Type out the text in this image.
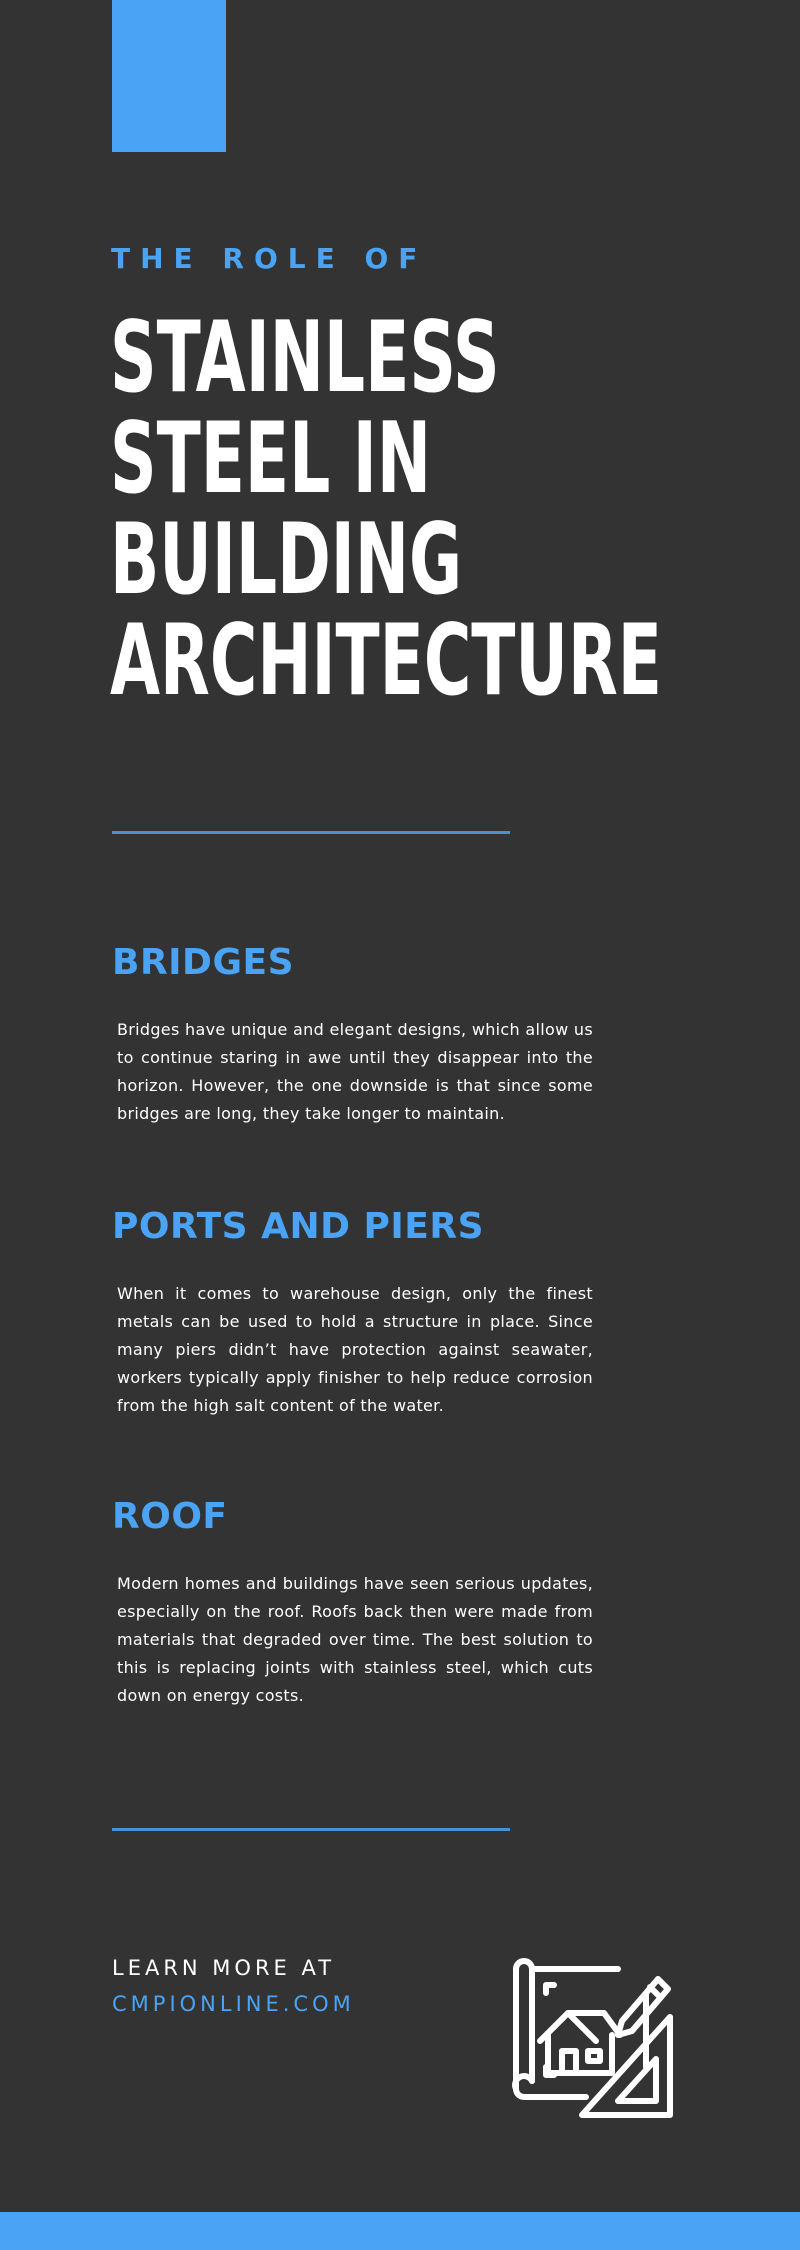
THE ROLE OF
STAINLESS
STEEL IN
BUILDING
ARCHITECTURE
BRIDGES

Bridges have unique and elegant designs, which allow us to continue staring in awe until they disappear into the horizon. However, the one downside is that since some bridges are long, they take longer to maintain.

PORTS AND PIERS

When it comes to warehouse design, only the finest metals can be used to hold a structure in place. Since many piers didn’t have protection against seawater, workers typically apply finisher to help reduce corrosion from the high salt content of the water.

ROOF

Modern homes and buildings have seen serious updates, especially on the roof. Roofs back then were made from materials that degraded over time. The best solution to this is replacing joints with stainless steel, which cuts down on energy costs.

LEARN MORE AT
CMPIONLINE.COM
